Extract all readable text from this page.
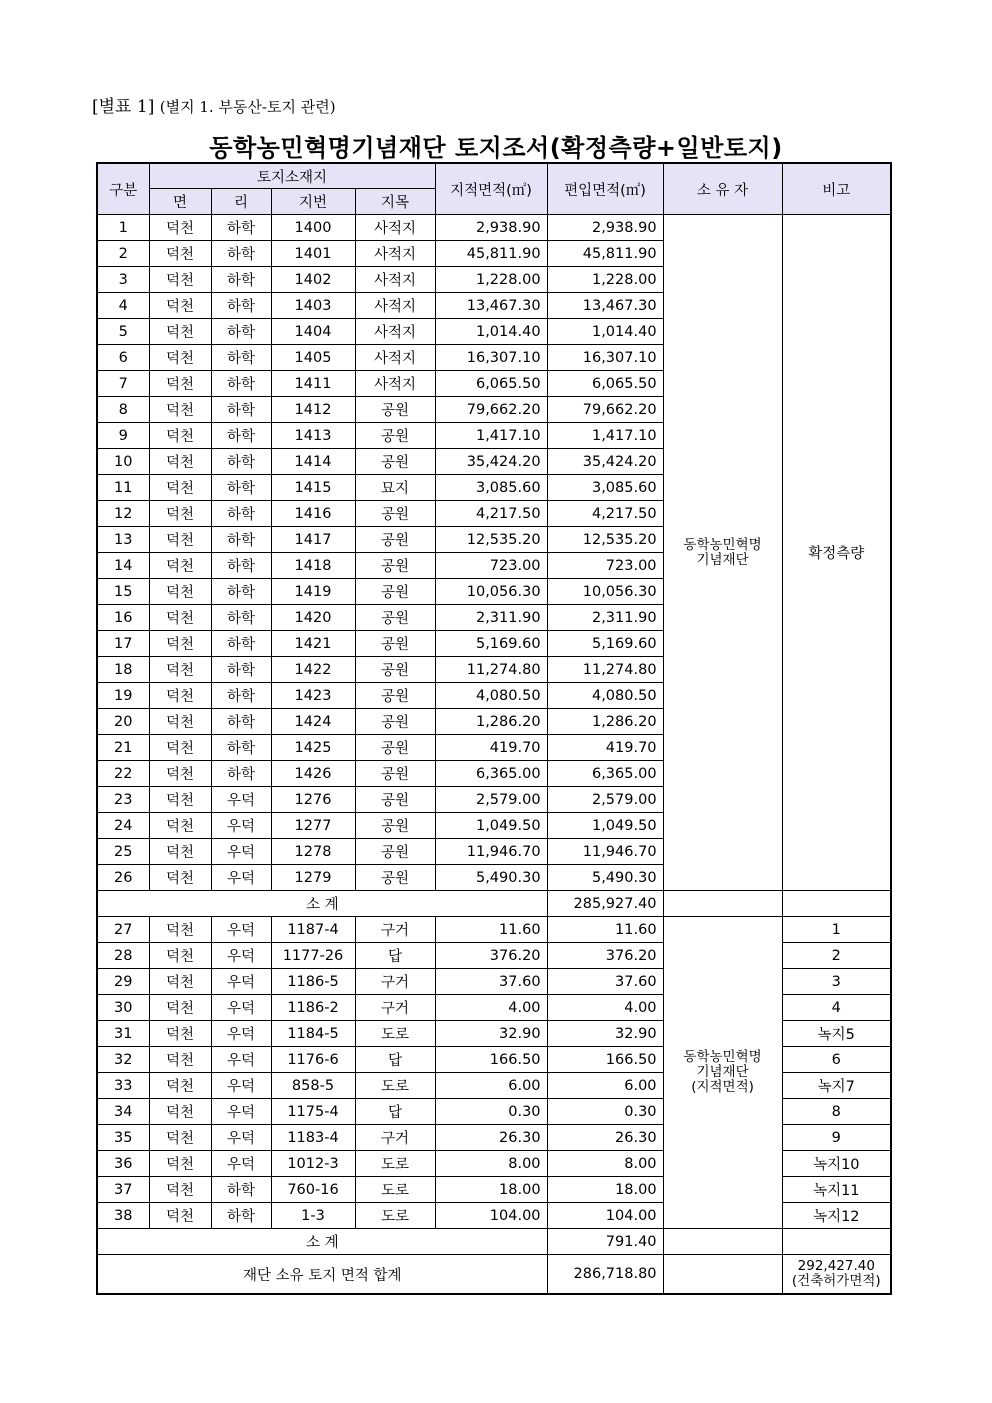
[별표 1] (별지 1. 부동산-토지 관련)
동학농민혁명기념재단 토지조서(확정측량+일반토지)
구분	토지소재지				지적면적(㎡)	편입면적(㎡)	소 유 자	비고
	면	리	지번	지목				
1	덕천	하학	1400	사적지	2,938.90	2,938.90	동학농민혁명
기념재단	확정측량
2	덕천	하학	1401	사적지	45,811.90	45,811.90		
3	덕천	하학	1402	사적지	1,228.00	1,228.00		
4	덕천	하학	1403	사적지	13,467.30	13,467.30		
5	덕천	하학	1404	사적지	1,014.40	1,014.40		
6	덕천	하학	1405	사적지	16,307.10	16,307.10		
7	덕천	하학	1411	사적지	6,065.50	6,065.50		
8	덕천	하학	1412	공원	79,662.20	79,662.20		
9	덕천	하학	1413	공원	1,417.10	1,417.10		
10	덕천	하학	1414	공원	35,424.20	35,424.20		
11	덕천	하학	1415	묘지	3,085.60	3,085.60		
12	덕천	하학	1416	공원	4,217.50	4,217.50		
13	덕천	하학	1417	공원	12,535.20	12,535.20		
14	덕천	하학	1418	공원	723.00	723.00		
15	덕천	하학	1419	공원	10,056.30	10,056.30		
16	덕천	하학	1420	공원	2,311.90	2,311.90		
17	덕천	하학	1421	공원	5,169.60	5,169.60		
18	덕천	하학	1422	공원	11,274.80	11,274.80		
19	덕천	하학	1423	공원	4,080.50	4,080.50		
20	덕천	하학	1424	공원	1,286.20	1,286.20		
21	덕천	하학	1425	공원	419.70	419.70		
22	덕천	하학	1426	공원	6,365.00	6,365.00		
23	덕천	우덕	1276	공원	2,579.00	2,579.00		
24	덕천	우덕	1277	공원	1,049.50	1,049.50		
25	덕천	우덕	1278	공원	11,946.70	11,946.70		
26	덕천	우덕	1279	공원	5,490.30	5,490.30		
소 계						285,927.40		
27	덕천	우덕	1187-4	구거	11.60	11.60	동학농민혁명
기념재단
(지적면적)	1
28	덕천	우덕	1177-26	답	376.20	376.20		2
29	덕천	우덕	1186-5	구거	37.60	37.60		3
30	덕천	우덕	1186-2	구거	4.00	4.00		4
31	덕천	우덕	1184-5	도로	32.90	32.90		녹지5
32	덕천	우덕	1176-6	답	166.50	166.50		6
33	덕천	우덕	858-5	도로	6.00	6.00		녹지7
34	덕천	우덕	1175-4	답	0.30	0.30		8
35	덕천	우덕	1183-4	구거	26.30	26.30		9
36	덕천	우덕	1012-3	도로	8.00	8.00		녹지10
37	덕천	하학	760-16	도로	18.00	18.00		녹지11
38	덕천	하학	1-3	도로	104.00	104.00		녹지12
소 계						791.40		
재단 소유 토지 면적 합계						286,718.80		292,427.40
(건축허가면적)
